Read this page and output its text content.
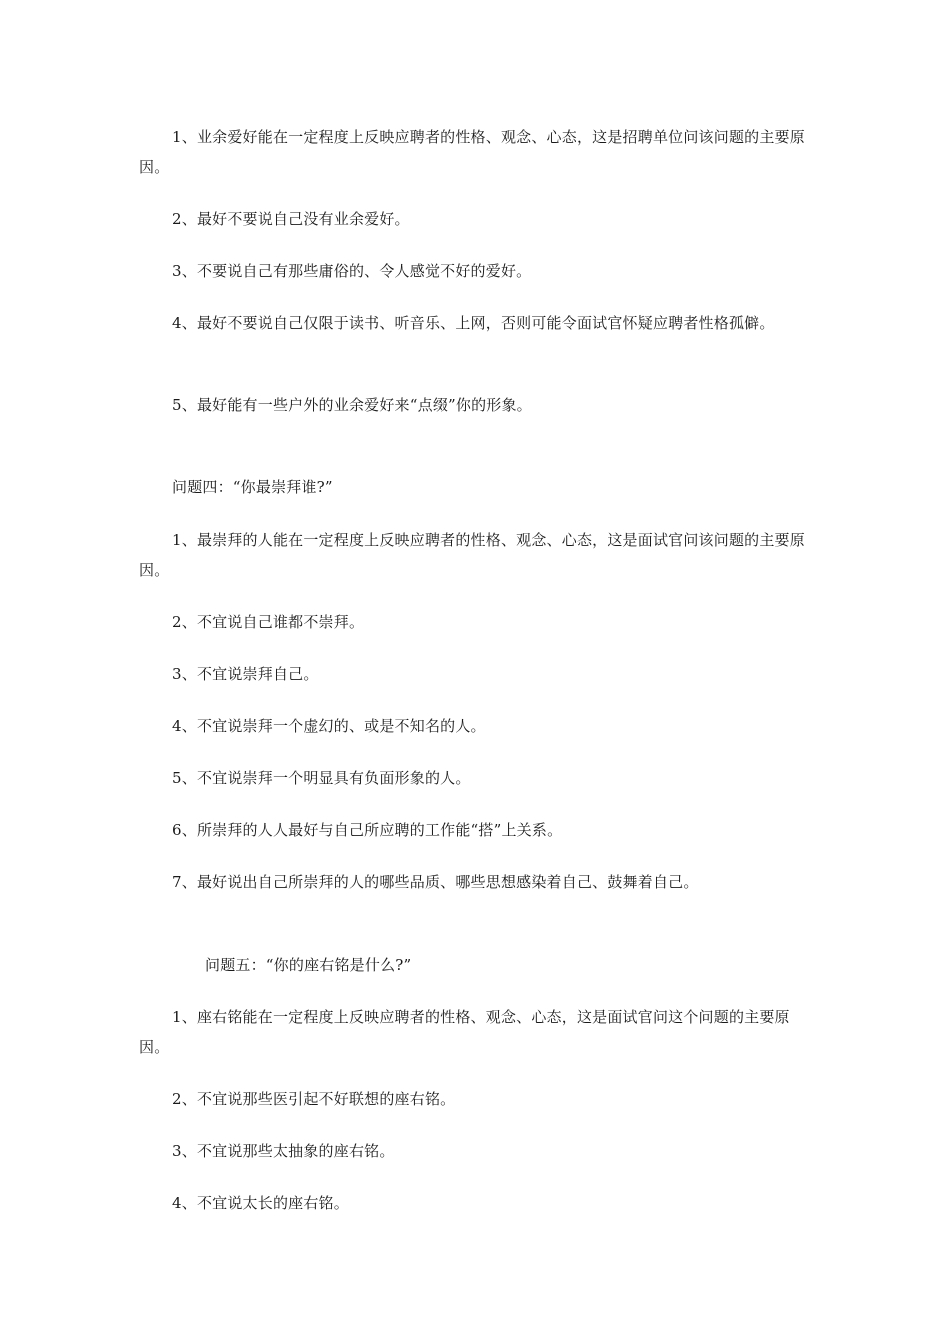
1、业余爱好能在一定程度上反映应聘者的性格、观念、心态，这是招聘单位问该问题的主要原因。

2、最好不要说自己没有业余爱好。

3、不要说自己有那些庸俗的、令人感觉不好的爱好。

4、最好不要说自己仅限于读书、听音乐、上网，否则可能令面试官怀疑应聘者性格孤僻。

5、最好能有一些户外的业余爱好来“点缀”你的形象。

问题四：“你最崇拜谁?”

1、最崇拜的人能在一定程度上反映应聘者的性格、观念、心态，这是面试官问该问题的主要原因。

2、不宜说自己谁都不崇拜。

3、不宜说崇拜自己。

4、不宜说崇拜一个虚幻的、或是不知名的人。

5、不宜说崇拜一个明显具有负面形象的人。

6、所崇拜的人人最好与自己所应聘的工作能“搭”上关系。

7、最好说出自己所崇拜的人的哪些品质、哪些思想感染着自己、鼓舞着自己。

问题五：“你的座右铭是什么?”

1、座右铭能在一定程度上反映应聘者的性格、观念、心态，这是面试官问这个问题的主要原因。

2、不宜说那些医引起不好联想的座右铭。

3、不宜说那些太抽象的座右铭。

4、不宜说太长的座右铭。
